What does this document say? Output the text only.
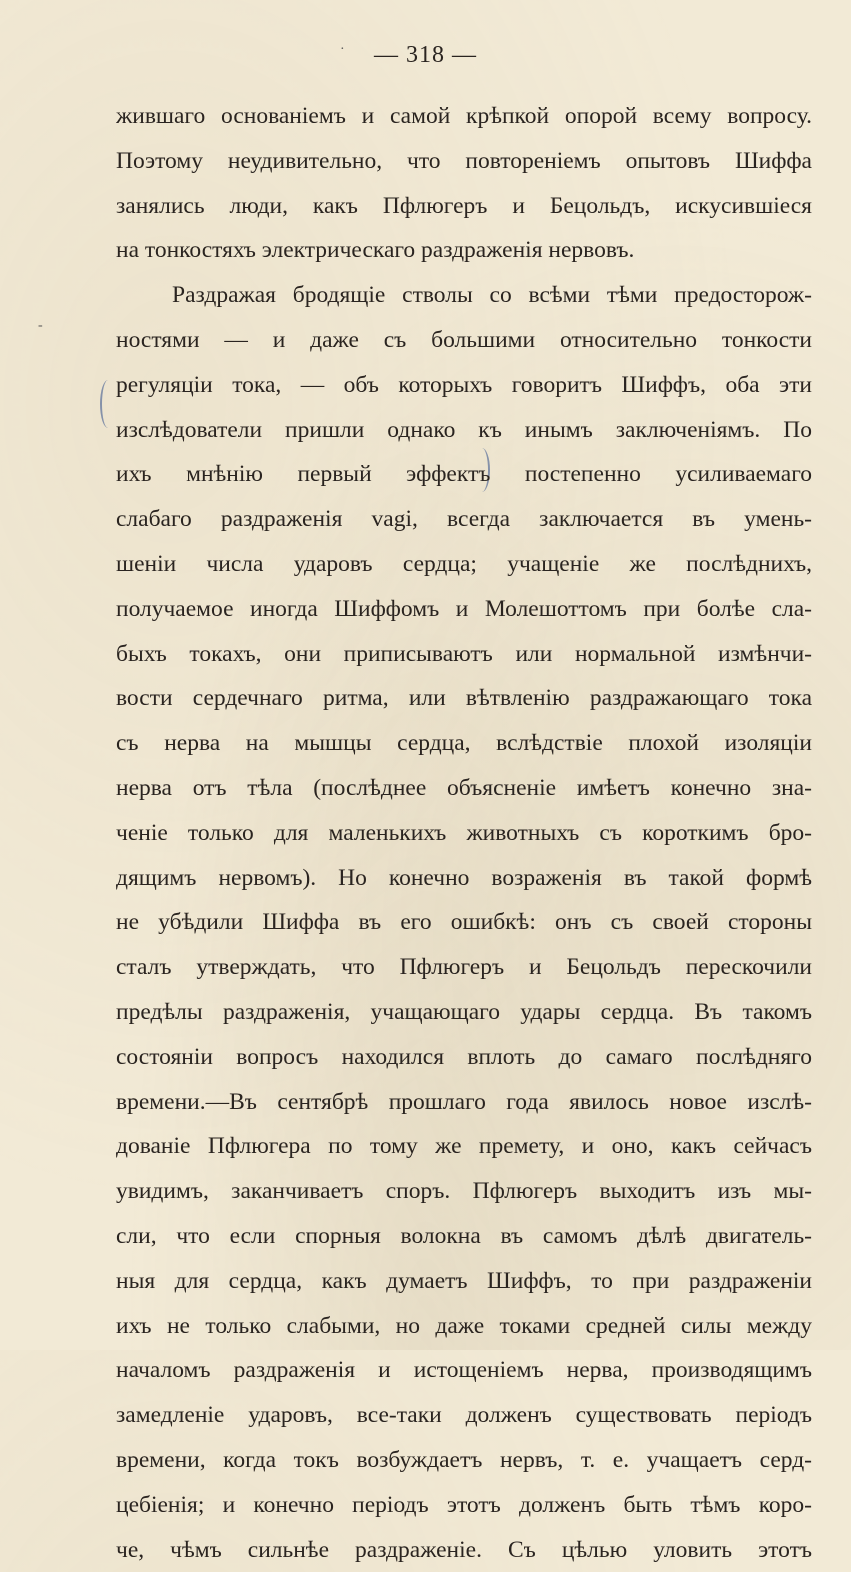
·	— 318 —
‐
жившаго основаніемъ и самой крѣпкой опорой всему вопросу.
Поэтому неудивительно, что повтореніемъ опытовъ Шиффа
занялись люди, какъ Пфлюгеръ и Бецольдъ, искусившіеся
на тонкостяхъ электрическаго раздраженія нервовъ.
Раздражая бродящіе стволы со всѣми тѣми предосторож-
ностями — и даже съ большими относительно тонкости
регуляціи тока, — объ которыхъ говоритъ Шиффъ, оба эти
изслѣдователи пришли однако къ инымъ заключеніямъ. По
ихъ мнѣнію первый эффектъ постепенно усиливаемаго
слабаго раздраженія vagi, всегда заключается въ умень-
шеніи числа ударовъ сердца; учащеніе же послѣднихъ,
получаемое иногда Шиффомъ и Молешоттомъ при болѣе сла-
быхъ токахъ, они приписываютъ или нормальной измѣнчи-
вости сердечнаго ритма, или вѣтвленію раздражающаго тока
съ нерва на мышцы сердца, вслѣдствіе плохой изоляціи
нерва отъ тѣла (послѣднее объясненіе имѣетъ конечно зна-
ченіе только для маленькихъ животныхъ съ короткимъ бро-
дящимъ нервомъ). Но конечно возраженія въ такой формѣ
не убѣдили Шиффа въ его ошибкѣ: онъ съ своей стороны
сталъ утверждать, что Пфлюгеръ и Бецольдъ перескочили
предѣлы раздраженія, учащающаго удары сердца. Въ такомъ
состояніи вопросъ находился вплоть до самаго послѣдняго
времени.—Въ сентябрѣ прошлаго года явилось новое изслѣ-
дованіе Пфлюгера по тому же премету, и оно, какъ сейчасъ
увидимъ, заканчиваетъ споръ. Пфлюгеръ выходитъ изъ мы-
сли, что если спорныя волокна въ самомъ дѣлѣ двигатель-
ныя для сердца, какъ думаетъ Шиффъ, то при раздраженіи
ихъ не только слабыми, но даже токами средней силы между
началомъ раздраженія и истощеніемъ нерва, производящимъ
замедленіе ударовъ, все-таки долженъ существовать періодъ
времени, когда токъ возбуждаетъ нервъ, т. е. учащаетъ серд-
цебіенія; и конечно періодъ этотъ долженъ быть тѣмъ коро-
че, чѣмъ сильнѣе раздраженіе. Съ цѣлью уловить этотъ
